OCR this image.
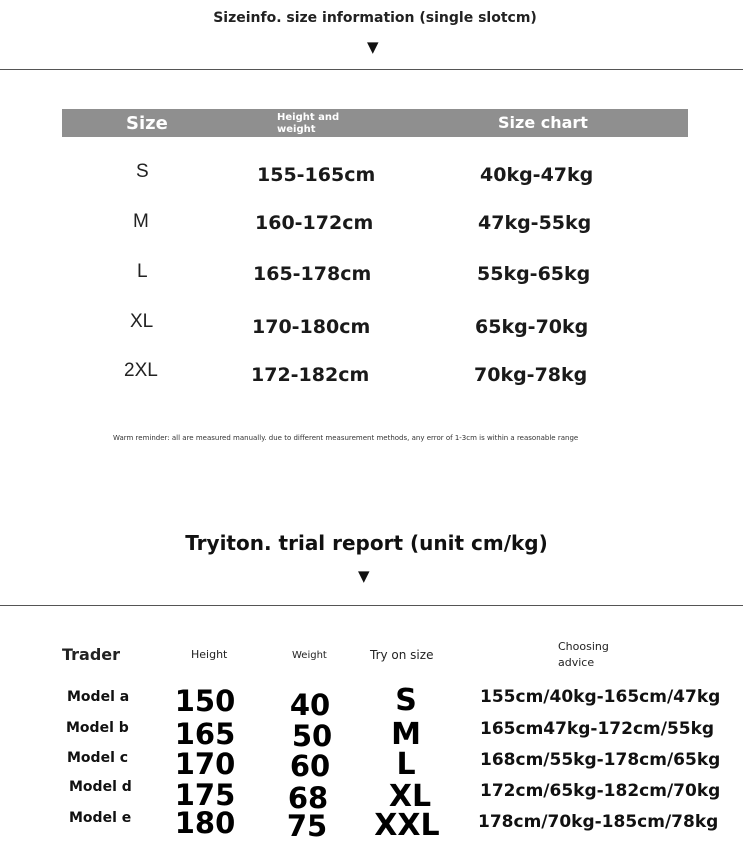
Sizeinfo. size information (single slotcm)
▼
Size	Height and weight	Size chart
S	155-165cm	40kg-47kg
M	160-172cm	47kg-55kg
L	165-178cm	55kg-65kg
XL	170-180cm	65kg-70kg
2XL	172-182cm	70kg-78kg
Warm reminder: all are measured manually. due to different measurement methods, any error of 1-3cm is within a reasonable range
Tryiton. trial report (unit cm/kg)
▼
Trader	Height	Weight	Try on size
Choosing
advice
Model a 150	40	S	155cm/40kg-165cm/47kg
Model b 165	50	M	165cm47kg-172cm/55kg
Model c 170	60	L	168cm/55kg-178cm/65kg
Model d 175	68	XL	172cm/65kg-182cm/70kg
Model e 180	75	XXL	178cm/70kg-185cm/78kg
